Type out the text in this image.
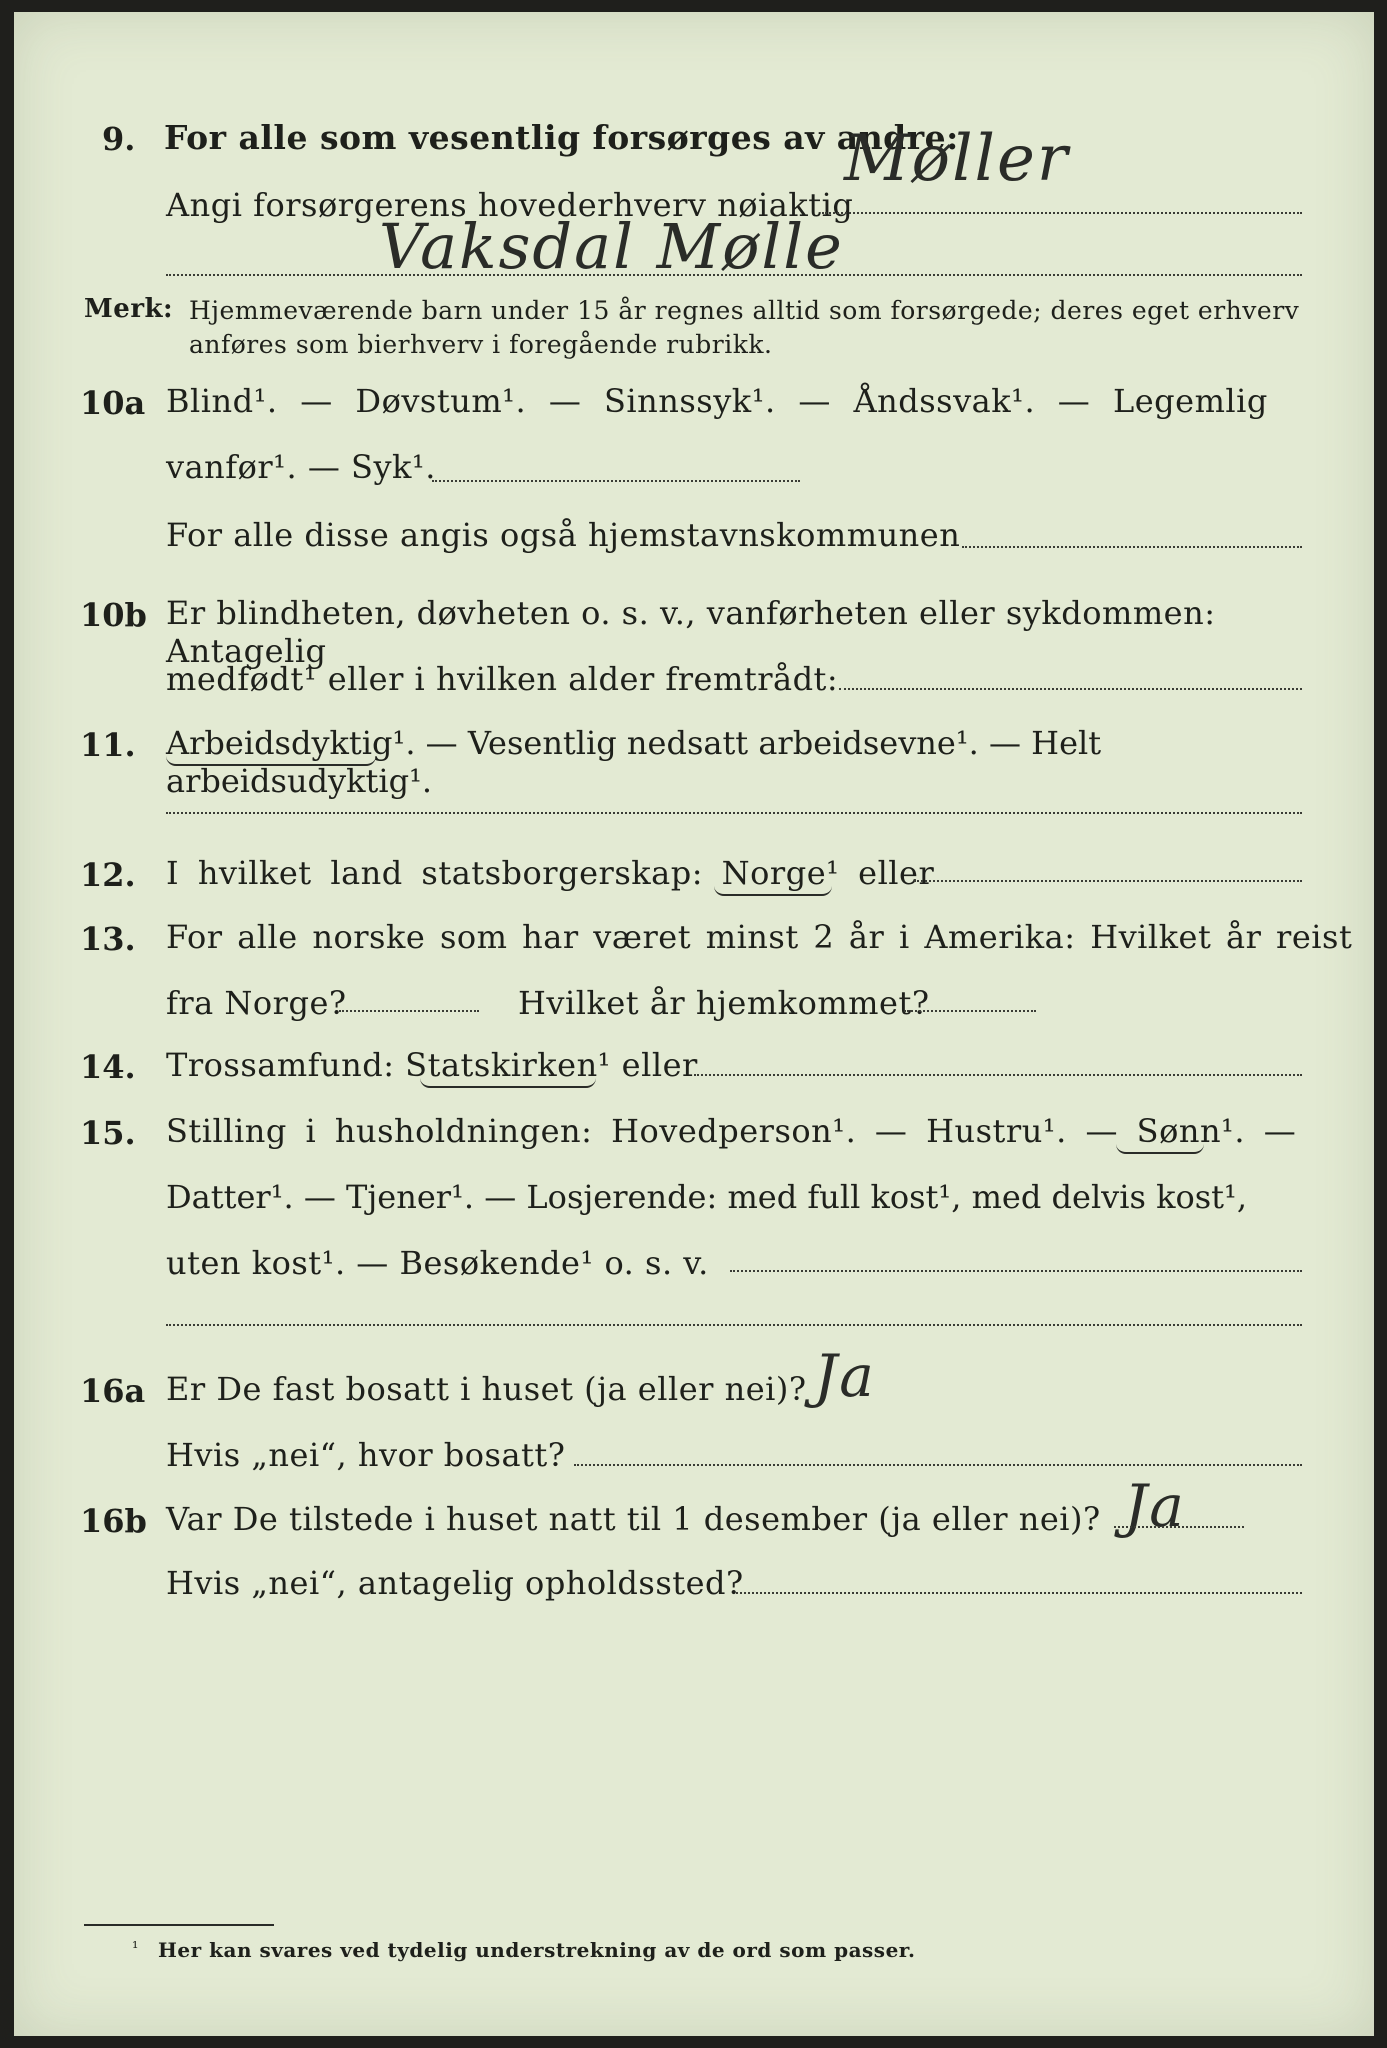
9. For alle som vesentlig forsørges av andre:
Angi forsørgerens hovederhverv nøiaktig
Møller
Vaksdal Mølle
Merk: Hjemmeværende barn under 15 år regnes alltid som forsørgede; deres eget erhverv
anføres som bierhverv i foregående rubrikk.
10a Blind¹. — Døvstum¹. — Sinnssyk¹. — Åndssvak¹. — Legemlig
vanfør¹. — Syk¹.
For alle disse angis også hjemstavnskommunen
10b Er blindheten, døvheten o. s. v., vanførheten eller sykdommen: Antagelig
medfødt¹ eller i hvilken alder fremtrådt:
11. Arbeidsdyktig¹. — Vesentlig nedsatt arbeidsevne¹. — Helt arbeidsudyktig¹.
12. I hvilket land statsborgerskap: Norge¹ eller
13. For alle norske som har været minst 2 år i Amerika: Hvilket år reist
fra Norge?	Hvilket år hjemkommet?
14. Trossamfund: Statskirken¹ eller
15. Stilling i husholdningen: Hovedperson¹. — Hustru¹. — Sønn¹. —
Datter¹. — Tjener¹. — Losjerende: med full kost¹, med delvis kost¹,
uten kost¹. — Besøkende¹ o. s. v.
16a Er De fast bosatt i huset (ja eller nei)? Ja
Hvis „nei“, hvor bosatt?
16b Var De tilstede i huset natt til 1 desember (ja eller nei)? Ja
Hvis „nei“, antagelig opholdssted?
¹ Her kan svares ved tydelig understrekning av de ord som passer.
